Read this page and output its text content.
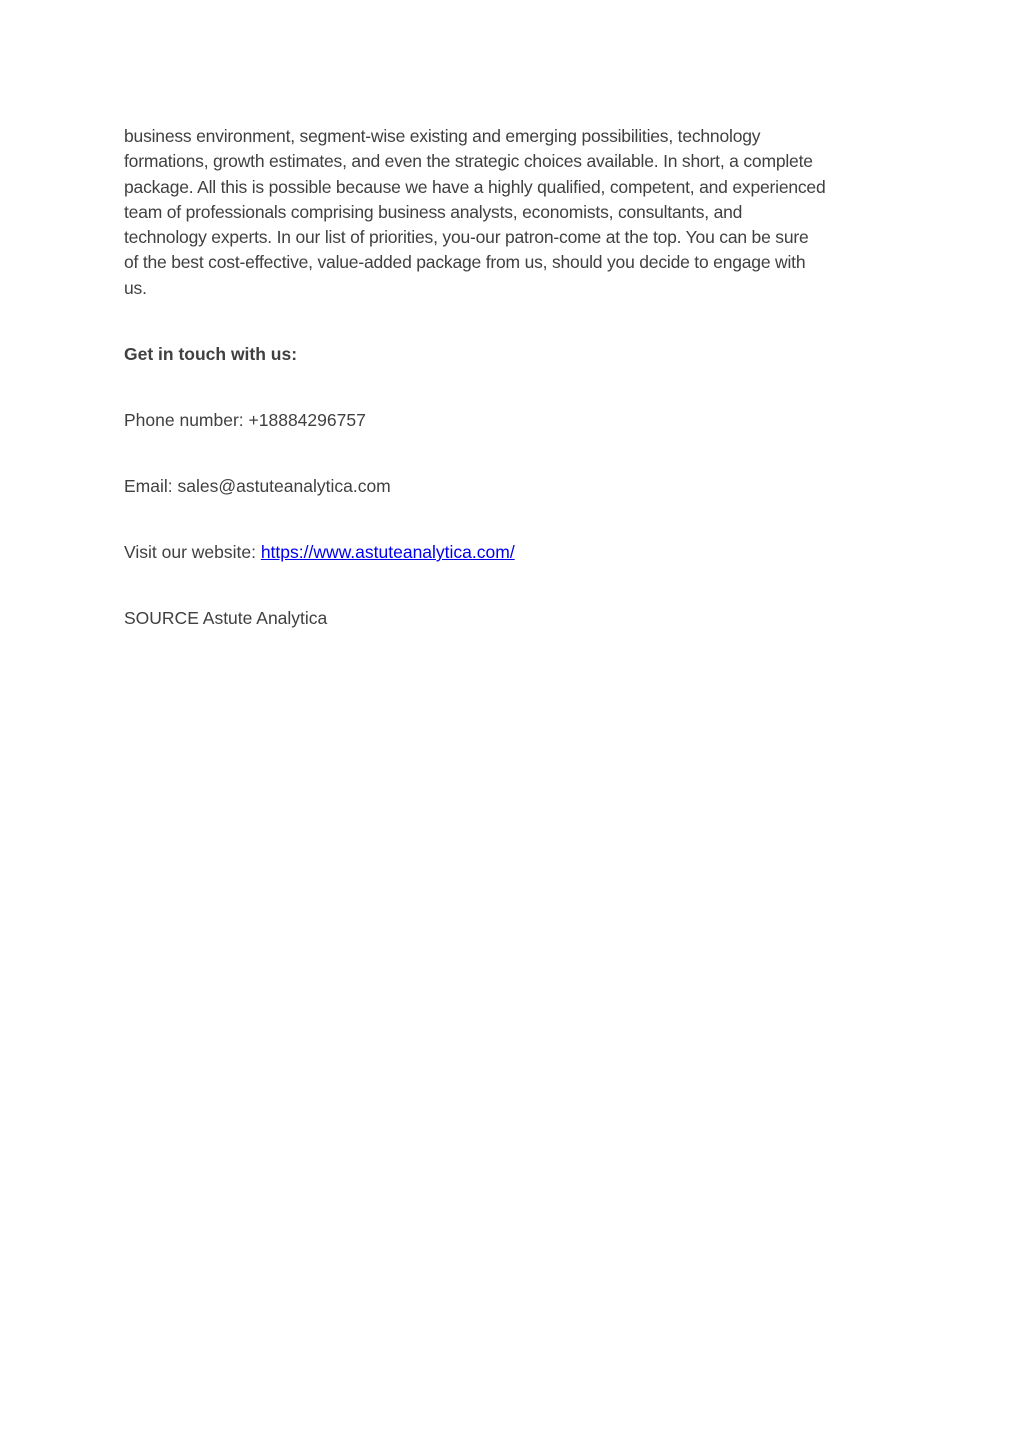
business environment, segment-wise existing and emerging possibilities, technology
formations, growth estimates, and even the strategic choices available. In short, a complete
package. All this is possible because we have a highly qualified, competent, and experienced
team of professionals comprising business analysts, economists, consultants, and
technology experts. In our list of priorities, you-our patron-come at the top. You can be sure
of the best cost-effective, value-added package from us, should you decide to engage with
us.

Get in touch with us:
Phone number: +18884296757
Email: sales@astuteanalytica.com
Visit our website: https://www.astuteanalytica.com/
SOURCE Astute Analytica
